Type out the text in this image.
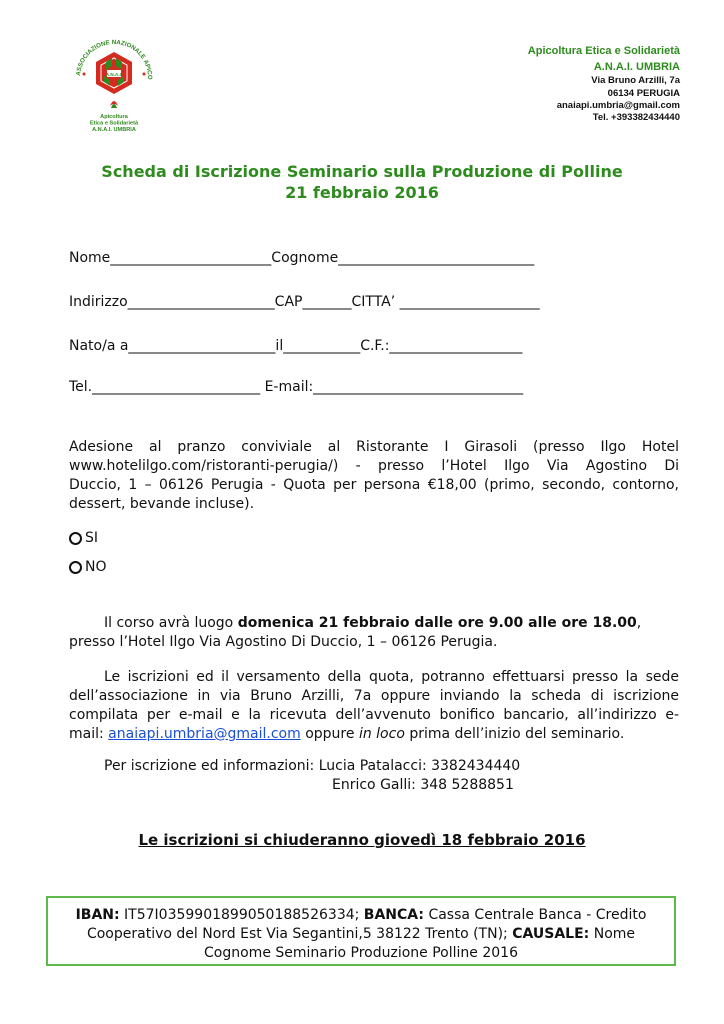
ASSOCIAZIONE NAZIONALE APICO
A.N.A.I.
Apicoltura
Etica e Solidarietà
A.N.A.I. UMBRIA
Apicoltura Etica e Solidarietà
A.N.A.I. UMBRIA
Via Bruno Arzilli, 7a
06134 PERUGIA
anaiapi.umbria@gmail.com
Tel. +393382434440
Scheda di Iscrizione Seminario sulla Produzione di Polline
21 febbraio 2016
Nome_______________________Cognome____________________________
Indirizzo_____________________CAP_______CITTA’ ____________________
Nato/a a_____________________il___________C.F.:___________________
Tel.________________________ E-mail:______________________________
Adesione al pranzo conviviale al Ristorante I Girasoli (presso Ilgo Hotel
www.hotelilgo.com/ristoranti-perugia/) - presso l’Hotel Ilgo Via Agostino Di
Duccio, 1 – 06126 Perugia - Quota per persona €18,00 (primo, secondo, contorno,
dessert, bevande incluse).
SI
NO
Il corso avrà luogo domenica 21 febbraio dalle ore 9.00 alle ore 18.00,
presso l’Hotel Ilgo Via Agostino Di Duccio, 1 – 06126 Perugia.
Le iscrizioni ed il versamento della quota, potranno effettuarsi presso la sede
dell’associazione in via Bruno Arzilli, 7a oppure inviando la scheda di iscrizione
compilata per e-mail e la ricevuta dell’avvenuto bonifico bancario, all’indirizzo e-
mail: anaiapi.umbria@gmail.com oppure in loco prima dell’inizio del seminario.
Per iscrizione ed informazioni: Lucia Patalacci: 3382434440
Enrico Galli: 348 5288851
Le iscrizioni si chiuderanno giovedì 18 febbraio 2016
IBAN: IT57I0359901899050188526334; BANCA: Cassa Centrale Banca - Credito
Cooperativo del Nord Est Via Segantini,5 38122 Trento (TN); CAUSALE: Nome
Cognome Seminario Produzione Polline 2016
